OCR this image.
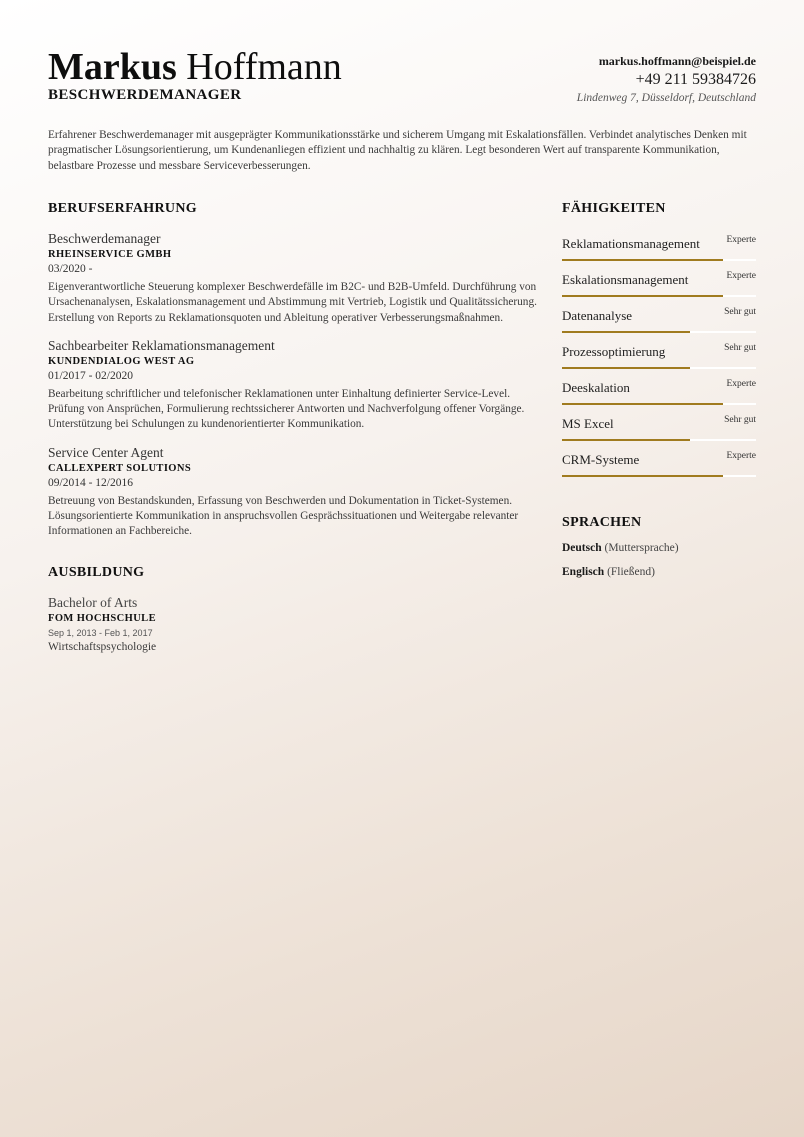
Markus Hoffmann
BESCHWERDEMANAGER
markus.hoffmann@beispiel.de
+49 211 59384726
Lindenweg 7, Düsseldorf, Deutschland

Erfahrener Beschwerdemanager mit ausgeprägter Kommunikationsstärke und sicherem Umgang mit Eskalationsfällen. Verbindet analytisches Denken mit pragmatischer Lösungsorientierung, um Kundenanliegen effizient und nachhaltig zu klären. Legt besonderen Wert auf transparente Kommunikation, belastbare Prozesse und messbare Serviceverbesserungen.

BERUFSERFAHRUNG
Beschwerdemanager
RHEINSERVICE GMBH
03/2020 -
Eigenverantwortliche Steuerung komplexer Beschwerdefälle im B2C- und B2B-Umfeld. Durchführung von Ursachenanalysen, Eskalationsmanagement und Abstimmung mit Vertrieb, Logistik und Qualitätssicherung. Erstellung von Reports zu Reklamationsquoten und Ableitung operativer Verbesserungsmaßnahmen.
Sachbearbeiter Reklamationsmanagement
KUNDENDIALOG WEST AG
01/2017 - 02/2020
Bearbeitung schriftlicher und telefonischer Reklamationen unter Einhaltung definierter Service-Level. Prüfung von Ansprüchen, Formulierung rechtssicherer Antworten und Nachverfolgung offener Vorgänge. Unterstützung bei Schulungen zu kundenorientierter Kommunikation.
Service Center Agent
CALLEXPERT SOLUTIONS
09/2014 - 12/2016
Betreuung von Bestandskunden, Erfassung von Beschwerden und Dokumentation in Ticket-Systemen. Lösungsorientierte Kommunikation in anspruchsvollen Gesprächssituationen und Weitergabe relevanter Informationen an Fachbereiche.
AUSBILDUNG
Bachelor of Arts
FOM HOCHSCHULE
Sep 1, 2013 - Feb 1, 2017
Wirtschaftspsychologie
FÄHIGKEITEN
Reklamationsmanagement	Experte
Eskalationsmanagement	Experte
Datenanalyse	Sehr gut
Prozessoptimierung	Sehr gut
Deeskalation	Experte
MS Excel	Sehr gut
CRM-Systeme	Experte
SPRACHEN
Deutsch (Muttersprache)
Englisch (Fließend)
